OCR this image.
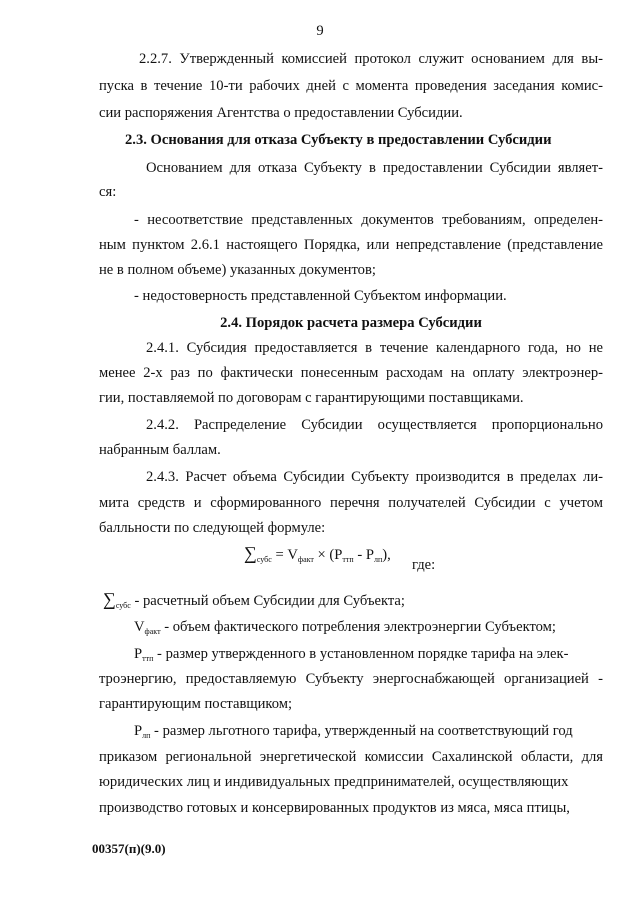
9
2.2.7. Утвержденный комиссией протокол служит основанием для вы-
пуска в течение 10-ти рабочих дней с момента проведения заседания комис-
сии распоряжения Агентства о предоставлении Субсидии.
2.3. Основания для отказа Субъекту в предоставлении Субсидии
Основанием для отказа Субъекту в предоставлении Субсидии являет-
ся:
- несоответствие представленных документов требованиям, определен-
ным пунктом 2.6.1 настоящего Порядка, или непредставление (представление
не в полном объеме) указанных документов;
- недостоверность представленной Субъектом информации.
2.4. Порядок расчета размера Субсидии
2.4.1. Субсидия предоставляется в течение календарного года, но не
менее 2-х раз по фактически понесенным расходам на оплату электроэнер-
гии, поставляемой по договорам с гарантирующими поставщиками.
2.4.2. Распределение Субсидии осуществляется пропорционально
набранным баллам.
2.4.3. Расчет объема Субсидии Субъекту производится в пределах ли-
мита средств и сформированного перечня получателей Субсидии с учетом
балльности по следующей формуле:
$\sum_{субс} = V_{факт} \times (P_{ттп} - P_{лп})$,
где:
$\sum_{субс}$ - расчетный объем Субсидии для Субъекта;
$V_{факт}$ - объем фактического потребления электроэнергии Субъектом;
$Р_{ттп}$ - размер утвержденного в установленном порядке тарифа на элек-
троэнергию, предоставляемую Субъекту энергоснабжающей организацией -
гарантирующим поставщиком;
$Р_{лп}$ - размер льготного тарифа, утвержденный на соответствующий год
приказом региональной энергетической комиссии Сахалинской области, для
юридических лиц и индивидуальных предпринимателей, осуществляющих
производство готовых и консервированных продуктов из мяса, мяса птицы,
00357(п)(9.0)
